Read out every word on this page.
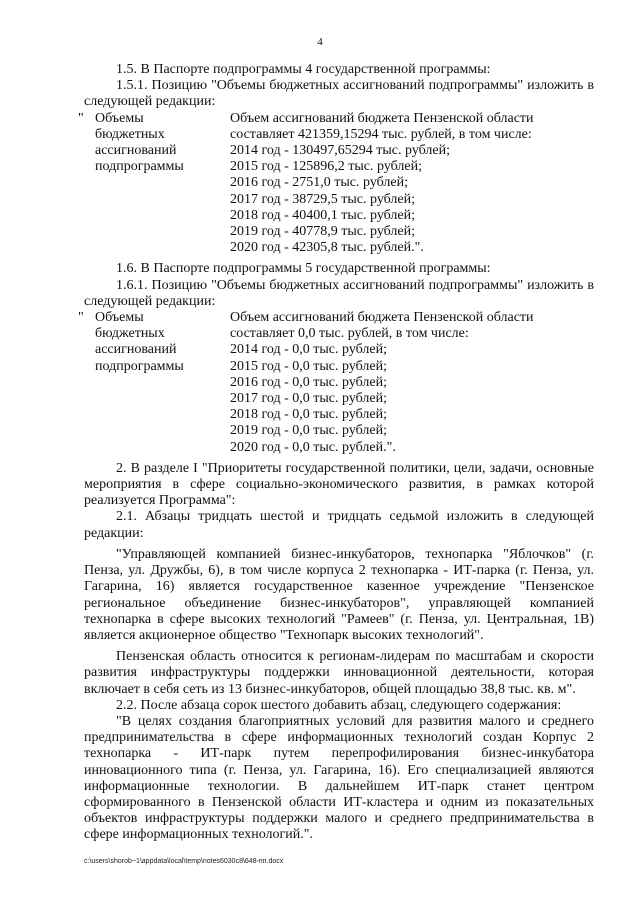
4

1.5. В Паспорте подпрограммы 4 государственной программы:

1.5.1. Позицию "Объемы бюджетных ассигнований подпрограммы" изложить в следующей редакции:

" Объемы
бюджетных
ассигнований
подпрограммы
Объем ассигнований бюджета Пензенской области
составляет 421359,15294 тыс. рублей, в том числе:
2014 год - 130497,65294 тыс. рублей;
2015 год - 125896,2 тыс. рублей;
2016 год - 2751,0 тыс. рублей;
2017 год - 38729,5 тыс. рублей;
2018 год - 40400,1 тыс. рублей;
2019 год - 40778,9 тыс. рублей;
2020 год - 42305,8 тыс. рублей.".

1.6. В Паспорте подпрограммы 5 государственной программы:

1.6.1. Позицию "Объемы бюджетных ассигнований подпрограммы" изложить в следующей редакции:

" Объемы
бюджетных
ассигнований
подпрограммы
Объем ассигнований бюджета Пензенской области
составляет 0,0 тыс. рублей, в том числе:
2014 год - 0,0 тыс. рублей;
2015 год - 0,0 тыс. рублей;
2016 год - 0,0 тыс. рублей;
2017 год - 0,0 тыс. рублей;
2018 год - 0,0 тыс. рублей;
2019 год - 0,0 тыс. рублей;
2020 год - 0,0 тыс. рублей.".

2. В разделе I "Приоритеты государственной политики, цели, задачи, основные мероприятия в сфере социально-экономического развития, в рамках которой реализуется Программа":

2.1. Абзацы тридцать шестой и тридцать седьмой изложить в следующей редакции:

"Управляющей компанией бизнес-инкубаторов, технопарка "Яблочков" (г. Пенза, ул. Дружбы, 6), в том числе корпуса 2 технопарка - ИТ-парка (г. Пенза, ул. Гагарина, 16) является государственное казенное учреждение "Пензенское региональное объединение бизнес-инкубаторов", управляющей компанией технопарка в сфере высоких технологий "Рамеев" (г. Пенза, ул. Центральная, 1В) является акционерное общество "Технопарк высоких технологий".

Пензенская область относится к регионам-лидерам по масштабам и скорости развития инфраструктуры поддержки инновационной деятельности, которая включает в себя сеть из 13 бизнес-инкубаторов, общей площадью 38,8 тыс. кв. м".

2.2. После абзаца сорок шестого добавить абзац, следующего содержания:

"В целях создания благоприятных условий для развития малого и среднего предпринимательства в сфере информационных технологий создан Корпус 2 технопарка - ИТ-парк путем перепрофилирования бизнес-инкубатора инновационного типа (г. Пенза, ул. Гагарина, 16). Его специализацией являются информационные технологии. В дальнейшем ИТ-парк станет центром сформированного в Пензенской области ИТ-кластера и одним из показательных объектов инфраструктуры поддержки малого и среднего предпринимательства в сфере информационных технологий.".

c:\users\shorob~1\appdata\local\temp\notes6030c8\648-пп.docx
